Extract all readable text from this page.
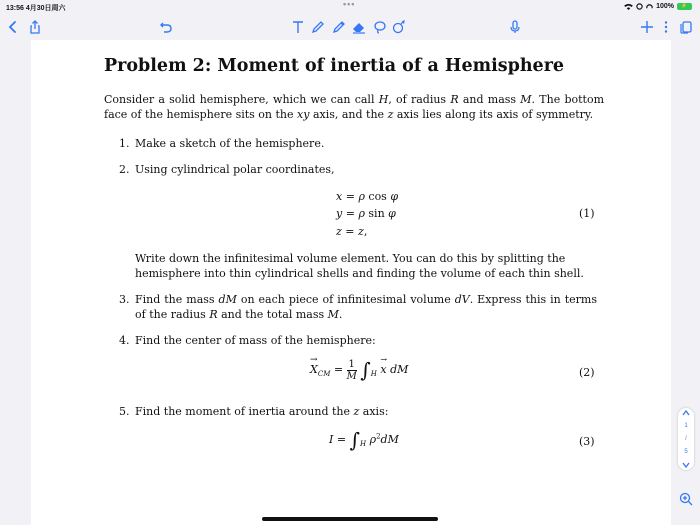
13:56 4月30日周六	•••	100%	⚡
Problem 2: Moment of inertia of a Hemisphere
Consider a solid hemisphere, which we can call H, of radius R and mass M. The bottom face of the hemisphere sits on the xy axis, and the z axis lies along its axis of symmetry.
1. Make a sketch of the hemisphere.
2. Using cylindrical polar coordinates,
x = ρ cos φ
y = ρ sin φ
z = z,
(1)
Write down the infinitesimal volume element. You can do this by splitting the hemisphere into thin cylindrical shells and finding the volume of each thin shell.
3. Find the mass dM on each piece of infinitesimal volume dV. Express this in terms of the radius R and the total mass M.
4. Find the center of mass of the hemisphere:
→
$X_{CM} = \frac{1}{M} \int_H$
→
x dM	(2)
5. Find the moment of inertia around the z axis:
$I = \int_H$ $\rho^2dM$	(3)
1
/
5
